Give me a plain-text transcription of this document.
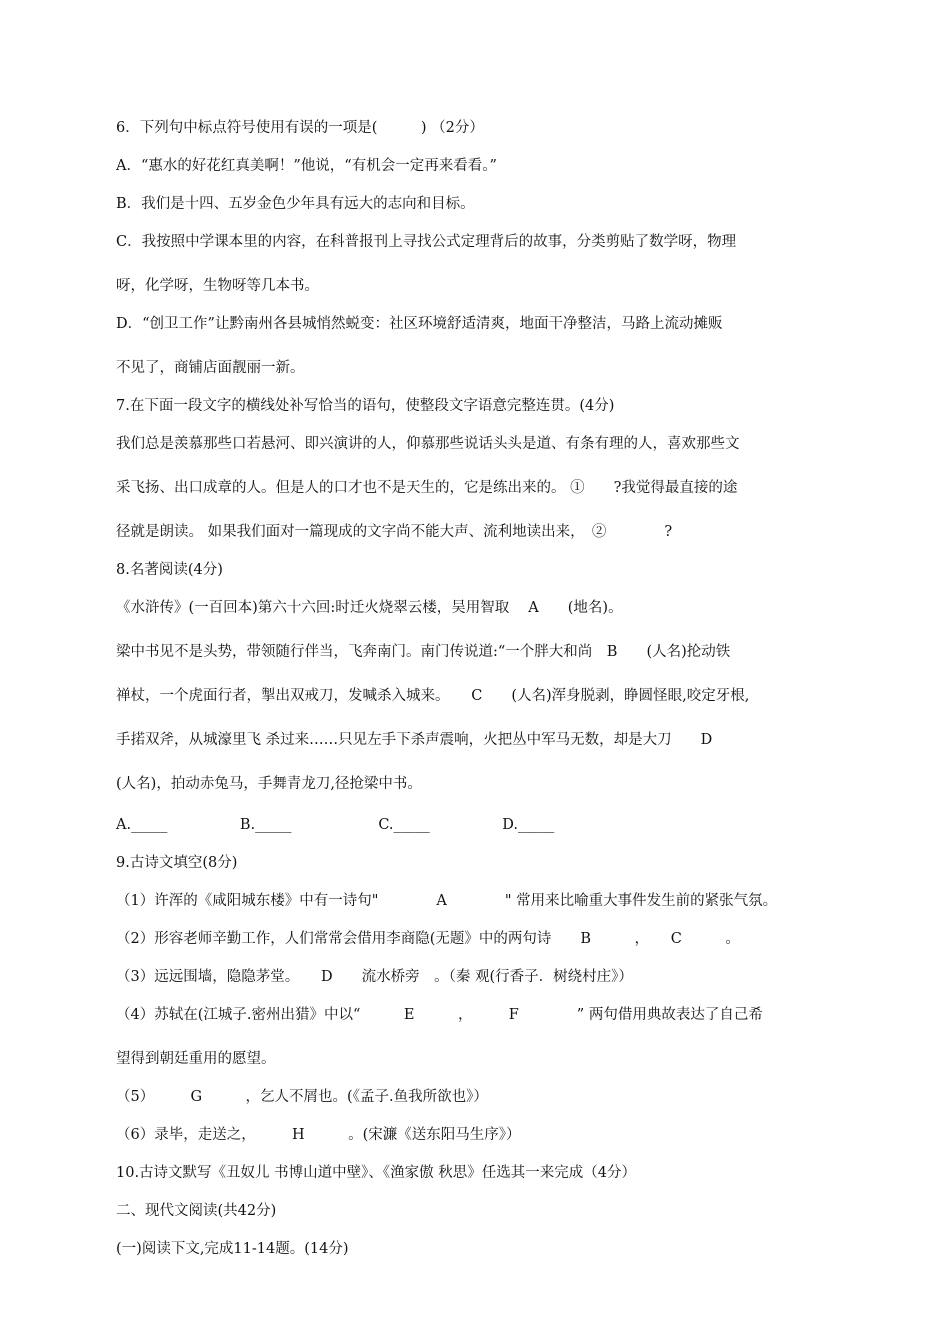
6．下列句中标点符号使用有误的一项是(　　　) （2分）
A．“惠水的好花红真美啊！”他说，“有机会一定再来看看。”
B．我们是十四、五岁金色少年具有远大的志向和目标。
C．我按照中学课本里的内容，在科普报刊上寻找公式定理背后的故事，分类剪贴了数学呀，物理
呀，化学呀，生物呀等几本书。
D．“创卫工作”让黔南州各县城悄然蜕变：社区环境舒适清爽，地面干净整洁，马路上流动摊贩
不见了，商铺店面靓丽一新。
7.在下面一段文字的横线处补写恰当的语句，使整段文字语意完整连贯。(4分)
我们总是羡慕那些口若悬河、即兴演讲的人，仰慕那些说话头头是道、有条有理的人，喜欢那些文
采飞扬、出口成章的人。但是人的口才也不是天生的，它是练出来的。 ①　　?我觉得最直接的途
径就是朗读。 如果我们面对一篇现成的文字尚不能大声、流利地读出来，　②　　　　?
8.名著阅读(4分)
《水浒传》(一百回本)第六十六回:时迁火烧翠云楼，吴用智取　 A　　(地名)。
梁中书见不是头势，带领随行伴当，飞奔南门。南门传说道:“一个胖大和尚　B　　(人名)抡动铁
禅杖，一个虎面行者，掣出双戒刀，发喊杀入城来。　　C　　(人名)浑身脱剥，睁圆怪眼,咬定牙根,
手掿双斧，从城濠里飞 杀过来……只见左手下杀声震响，火把丛中军马无数，却是大刀　　D
(人名)，拍动赤兔马，手舞青龙刀,径抢梁中书。
A._____　　　　　B._____　　　　　　C._____　　　　　D._____
9.古诗文填空(8分)
（1）许浑的《咸阳城东楼》中有一诗句"　　　　A　　　　" 常用来比喻重大事件发生前的紧张气氛。
（2）形容老师辛勤工作，人们常常会借用李商隐(无题》中的两句诗　　B　　　，　　C　　　。
（3）远远围墙，隐隐茅堂。　　D　　流水桥旁　。（秦 观(行香子．树绕村庄》）
（4）苏轼在(江城子.密州出猎》中以“　　　E　　　，　　　F　　　　” 两句借用典故表达了自己希
望得到朝廷重用的愿望。
（5）　　　G　　　，乞人不屑也。(《孟子.鱼我所欲也》）
（6）录毕，走送之，　　　H　　　。(宋濂《送东阳马生序》）
10.古诗文默写《丑奴儿 书博山道中壁》、《渔家傲 秋思》任选其一来完成（4分）
二、现代文阅读(共42分)
(一)阅读下文,完成11-14题。(14分)
